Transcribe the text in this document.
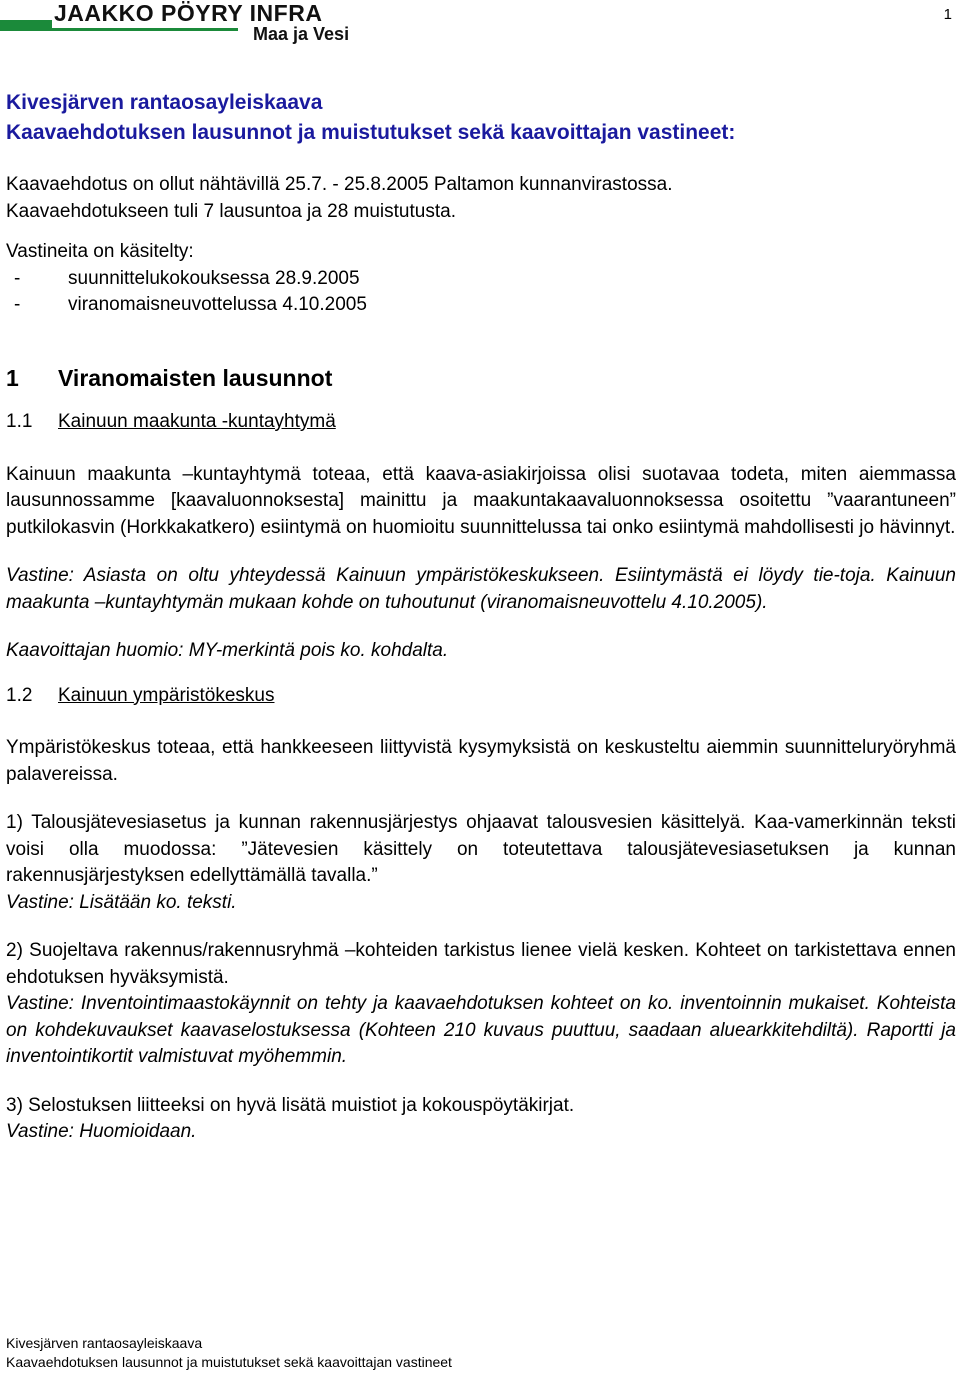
JAAKKO PÖYRY INFRA
Maa ja Vesi
1
Kivesjärven rantaosayleiskaava
Kaavaehdotuksen lausunnot ja muistutukset sekä kaavoittajan vastineet:

Kaavaehdotus on ollut nähtävillä 25.7. - 25.8.2005 Paltamon kunnanvirastossa.

Kaavaehdotukseen tuli 7 lausuntoa ja 28 muistutusta.

Vastineita on käsitelty:

-	suunnittelukokouksessa 28.9.2005
-	viranomaisneuvottelussa 4.10.2005
1	Viranomaisten lausunnot
1.1	Kainuun maakunta -kuntayhtymä

Kainuun maakunta –kuntayhtymä toteaa, että kaava-asiakirjoissa olisi suotavaa todeta, miten aiemmassa lausunnossamme [kaavaluonnoksesta] mainittu ja maakuntakaavaluonnoksessa osoitettu ”vaarantuneen” putkilokasvin (Horkkakatkero) esiintymä on huomioitu suunnittelussa tai onko esiintymä mahdollisesti jo hävinnyt.

Vastine: Asiasta on oltu yhteydessä Kainuun ympäristökeskukseen. Esiintymästä ei löydy tie-toja. Kainuun maakunta –kuntayhtymän mukaan kohde on tuhoutunut (viranomaisneuvottelu 4.10.2005).

Kaavoittajan huomio: MY-merkintä pois ko. kohdalta.

1.2	Kainuun ympäristökeskus

Ympäristökeskus toteaa, että hankkeeseen liittyvistä kysymyksistä on keskusteltu aiemmin suunnitteluryöryhmä palavereissa.

1) Talousjätevesiasetus ja kunnan rakennusjärjestys ohjaavat talousvesien käsittelyä. Kaa-vamerkinnän teksti voisi olla muodossa: ”Jätevesien käsittely on toteutettava talousjätevesiasetuksen ja kunnan rakennusjärjestyksen edellyttämällä tavalla.”

Vastine: Lisätään ko. teksti.

2) Suojeltava rakennus/rakennusryhmä –kohteiden tarkistus lienee vielä kesken. Kohteet on tarkistettava ennen ehdotuksen hyväksymistä.

Vastine: Inventointimaastokäynnit on tehty ja kaavaehdotuksen kohteet on ko. inventoinnin mukaiset. Kohteista on kohdekuvaukset kaavaselostuksessa (Kohteen 210 kuvaus puuttuu, saadaan aluearkkitehdiltä). Raportti ja inventointikortit valmistuvat myöhemmin.

3) Selostuksen liitteeksi on hyvä lisätä muistiot ja kokouspöytäkirjat.

Vastine: Huomioidaan.

Kivesjärven rantaosayleiskaava
Kaavaehdotuksen lausunnot ja muistutukset sekä kaavoittajan vastineet
